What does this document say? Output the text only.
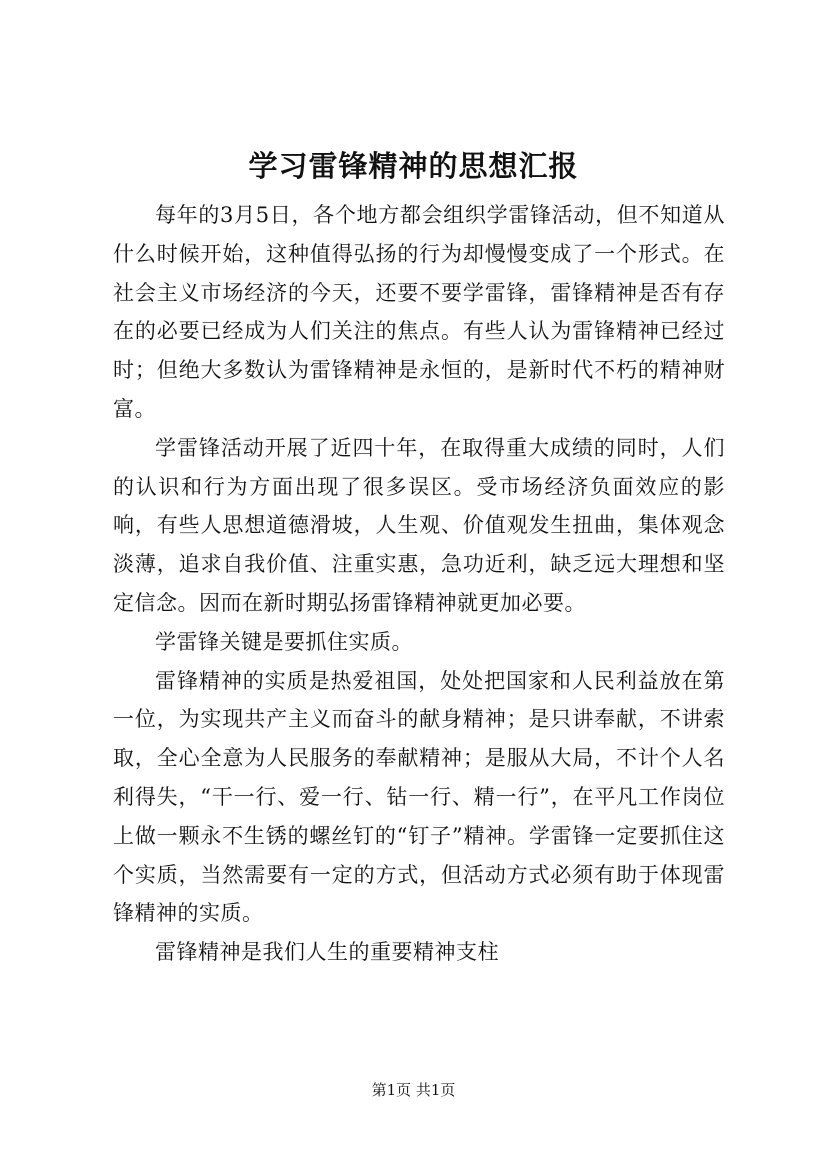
学习雷锋精神的思想汇报

每年的3月5日，各个地方都会组织学雷锋活动，但不知道从什么时候开始，这种值得弘扬的行为却慢慢变成了一个形式。在社会主义市场经济的今天，还要不要学雷锋，雷锋精神是否有存在的必要已经成为人们关注的焦点。有些人认为雷锋精神已经过时；但绝大多数认为雷锋精神是永恒的，是新时代不朽的精神财富。

学雷锋活动开展了近四十年，在取得重大成绩的同时，人们的认识和行为方面出现了很多误区。受市场经济负面效应的影响，有些人思想道德滑坡，人生观、价值观发生扭曲，集体观念淡薄，追求自我价值、注重实惠，急功近利，缺乏远大理想和坚定信念。因而在新时期弘扬雷锋精神就更加必要。

学雷锋关键是要抓住实质。

雷锋精神的实质是热爱祖国，处处把国家和人民利益放在第一位，为实现共产主义而奋斗的献身精神；是只讲奉献，不讲索取，全心全意为人民服务的奉献精神；是服从大局，不计个人名利得失，“干一行、爱一行、钻一行、精一行”，在平凡工作岗位上做一颗永不生锈的螺丝钉的“钉子”精神。学雷锋一定要抓住这个实质，当然需要有一定的方式，但活动方式必须有助于体现雷锋精神的实质。

雷锋精神是我们人生的重要精神支柱

第1页 共1页
